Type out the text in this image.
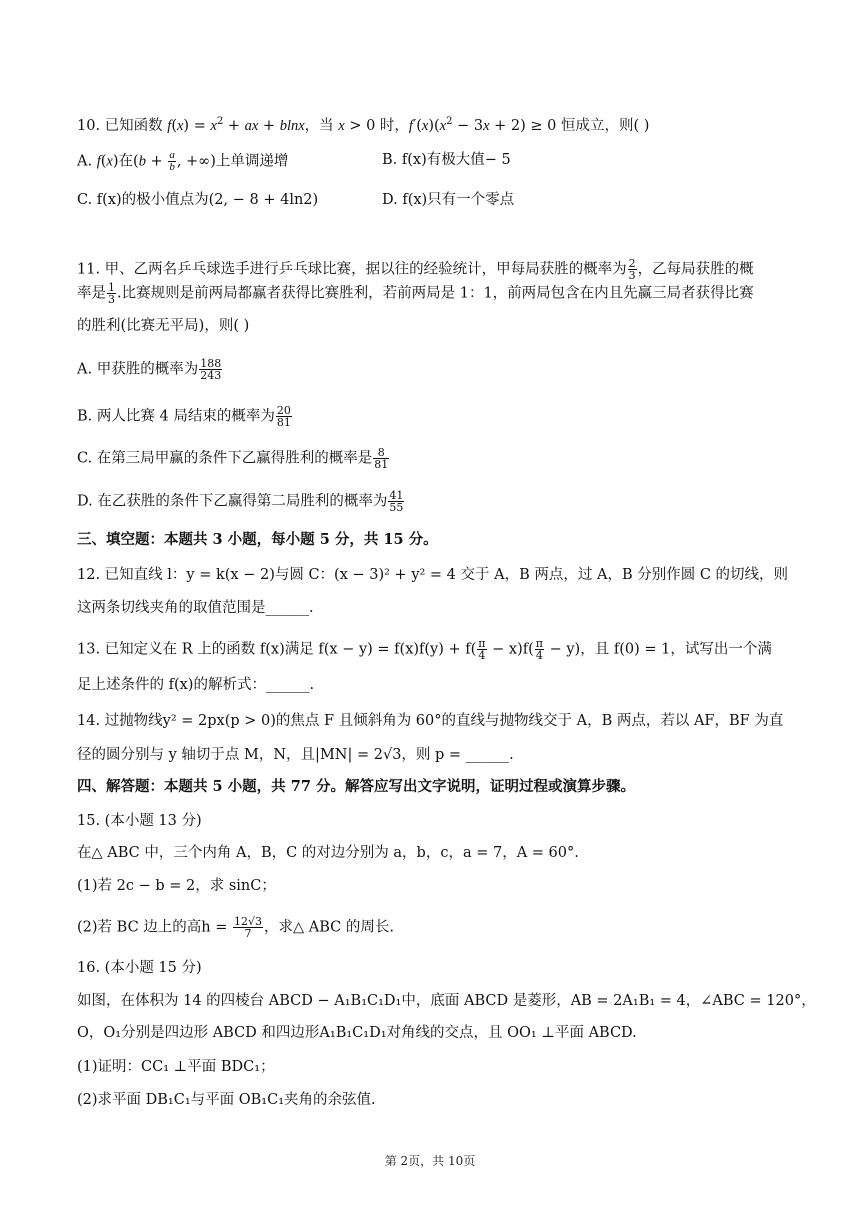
10. 已知函数 $f(x) = x^2$ + ax + blnx，当 x > 0 时，$f'(x)(x^2 - 3x + 2) \ge 0$ 恒成立，则( )
A. f(x)在($b + \frac{a}{b}$ , +∞)上单调递增	B. f(x)有极大值− 5
C. f(x)的极小值点为(2, − 8 + 4ln2)	D. f(x)只有一个零点
11. 甲、乙两名乒乓球选手进行乒乓球比赛，据以往的经验统计，甲每局获胜的概率为 $\frac{2}{3}$ ，乙每局获胜的概
率是 $\frac{1}{3}$ .比赛规则是前两局都赢者获得比赛胜利，若前两局是 1：1，前两局包含在内且先赢三局者获得比赛
的胜利(比赛无平局)，则( )
A. 甲获胜的概率为 $\frac{188}{243}$
B. 两人比赛 4 局结束的概率为 $\frac{20}{81}$
C. 在第三局甲赢的条件下乙赢得胜利的概率是 $\frac{8}{81}$
D. 在乙获胜的条件下乙赢得第二局胜利的概率为 $\frac{41}{55}$
三、填空题：本题共 3 小题，每小题 5 分，共 15 分。
12. 已知直线 l：y = k(x − 2)与圆 C：(x − 3)² + y² = 4 交于 A，B 两点，过 A，B 分别作圆 C 的切线，则
这两条切线夹角的取值范围是______.
13. 已知定义在 R 上的函数 f(x)满足 $f(x - y) = f(x)f(y) + f( \frac{\pi}{4} - x)f( \frac{\pi}{4} - y)$，且 f(0) = 1，试写出一个满
足上述条件的 f(x)的解析式：______.
14. 过抛物线y² = 2px(p > 0)的焦点 F 且倾斜角为 60°的直线与抛物线交于 A，B 两点，若以 AF，BF 为直
径的圆分别与 y 轴切于点 M，N，且|MN| = 2√3，则 p = ______.
四、解答题：本题共 5 小题，共 77 分。解答应写出文字说明，证明过程或演算步骤。
15. (本小题 13 分)
在△ ABC 中，三个内角 A，B，C 的对边分别为 a，b，c，a = 7，A = 60°.
(1)若 2c − b = 2，求 sinC；
(2)若 BC 边上的高$h = \frac{12√3}{7}$ ，求△ ABC 的周长.
16. (本小题 15 分)
如图，在体积为 14 的四棱台 ABCD − A₁B₁C₁D₁中，底面 ABCD 是菱形，AB = 2A₁B₁ = 4，∠ABC = 120°，
O，O₁分别是四边形 ABCD 和四边形A₁B₁C₁D₁对角线的交点，且 OO₁ ⊥平面 ABCD.
(1)证明：CC₁ ⊥平面 BDC₁；
(2)求平面 DB₁C₁与平面 OB₁C₁夹角的余弦值.
第 2页，共 10页
